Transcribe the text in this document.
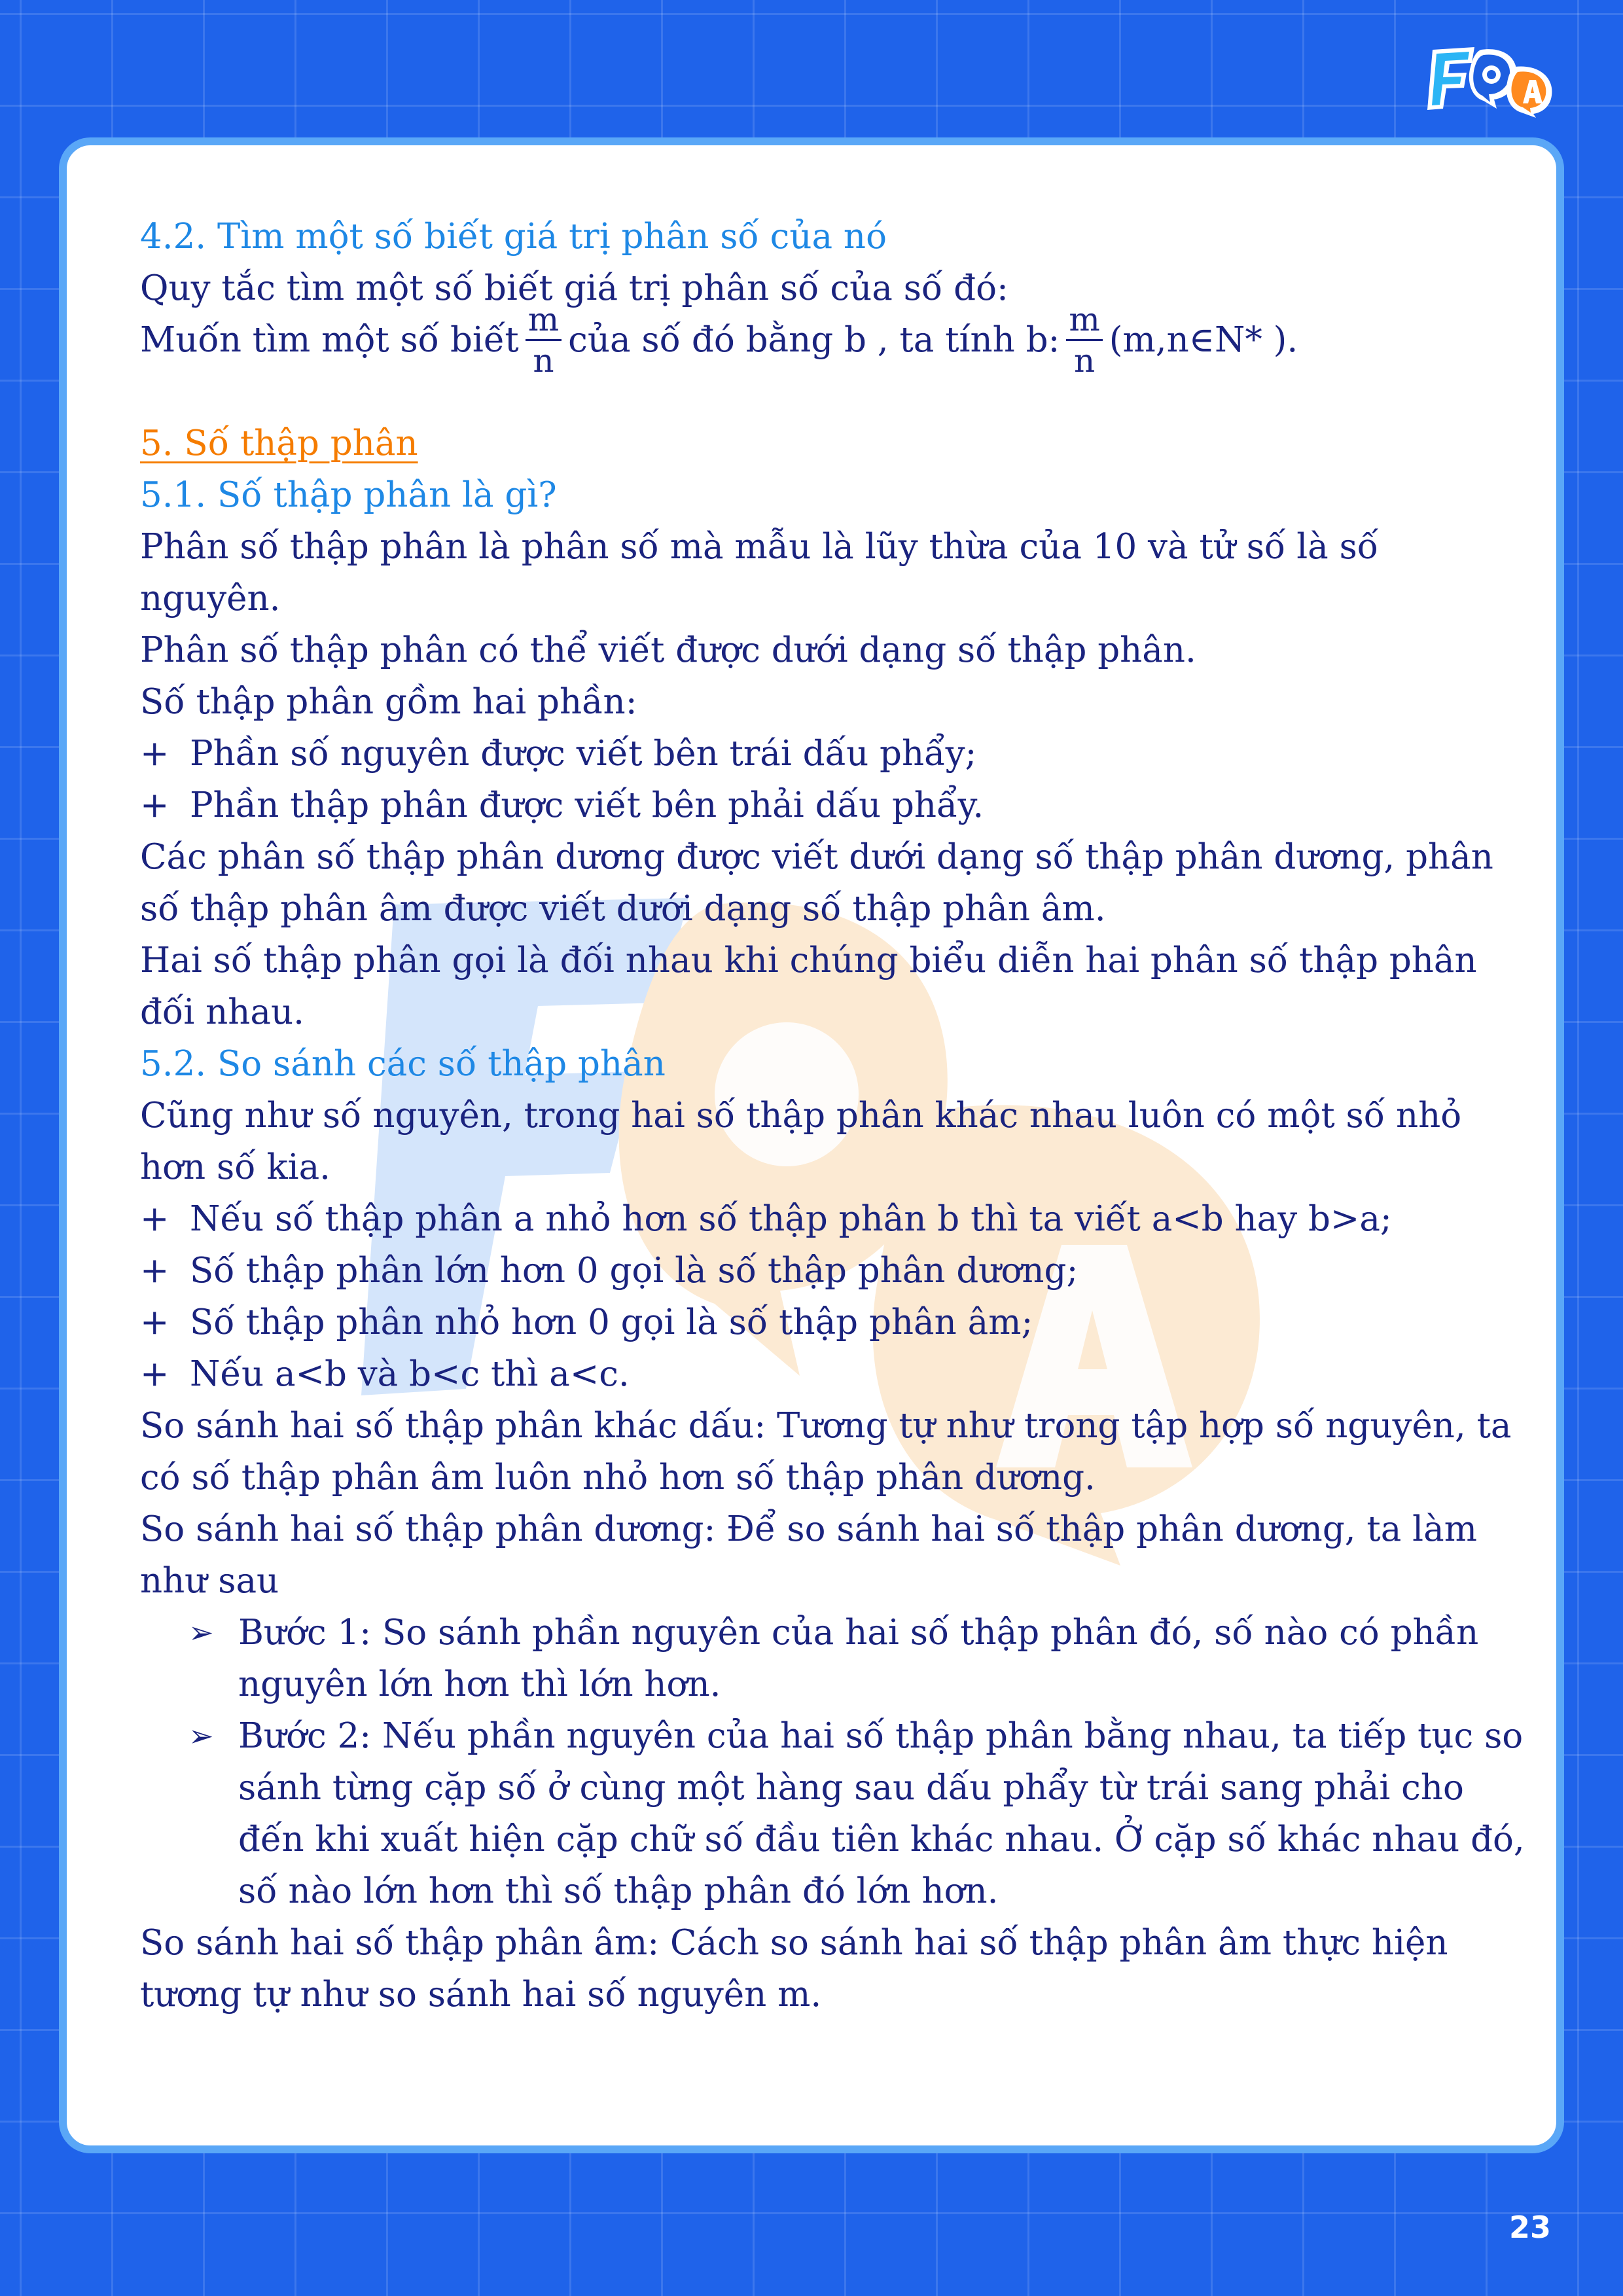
4.2. Tìm một số biết giá trị phân số của nó
Quy tắc tìm một số biết giá trị phân số của số đó:
Muốn tìm một số biết $\frac{m}{n}$ của số đó bằng b , ta tính b: $\frac{m}{n}$ (m,n∈N* ).
5. Số thập phân
5.1. Số thập phân là gì?
Phân số thập phân là phân số mà mẫu là lũy thừa của 10 và tử số là số
nguyên.
Phân số thập phân có thể viết được dưới dạng số thập phân.
Số thập phân gồm hai phần:
+ Phần số nguyên được viết bên trái dấu phẩy;
+ Phần thập phân được viết bên phải dấu phẩy.
Các phân số thập phân dương được viết dưới dạng số thập phân dương, phân
số thập phân âm được viết dưới dạng số thập phân âm.
Hai số thập phân gọi là đối nhau khi chúng biểu diễn hai phân số thập phân
đối nhau.
5.2. So sánh các số thập phân
Cũng như số nguyên, trong hai số thập phân khác nhau luôn có một số nhỏ
hơn số kia.
+ Nếu số thập phân a nhỏ hơn số thập phân b thì ta viết a<b hay b>a;
+ Số thập phân lớn hơn 0 gọi là số thập phân dương;
+ Số thập phân nhỏ hơn 0 gọi là số thập phân âm;
+ Nếu a<b và b<c thì a<c.
So sánh hai số thập phân khác dấu: Tương tự như trong tập hợp số nguyên, ta
có số thập phân âm luôn nhỏ hơn số thập phân dương.
So sánh hai số thập phân dương: Để so sánh hai số thập phân dương, ta làm
như sau
➢ Bước 1: So sánh phần nguyên của hai số thập phân đó, số nào có phần nguyên lớn hơn thì lớn hơn.
➢ Bước 2: Nếu phần nguyên của hai số thập phân bằng nhau, ta tiếp tục so sánh từng cặp số ở cùng một hàng sau dấu phẩy từ trái sang phải cho đến khi xuất hiện cặp chữ số đầu tiên khác nhau. Ở cặp số khác nhau đó, số nào lớn hơn thì số thập phân đó lớn hơn.
So sánh hai số thập phân âm: Cách so sánh hai số thập phân âm thực hiện
tương tự như so sánh hai số nguyên m.
23
